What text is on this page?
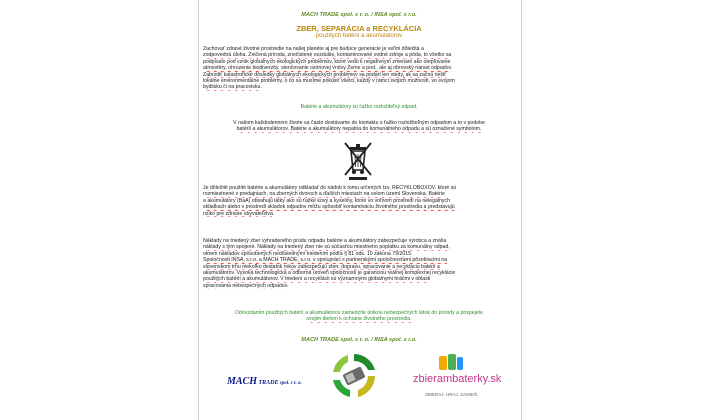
MACH TRADE spol. s r. o. / INSA spol. s r.o.
ZBER, SEPARÁCIA a RECYKLÁCIA
použitých batérií a akumulátorov
Zachovať zdravé životné prostredie na našej planéte aj pre budúce generácie je veľmi dôležitá a
zodpovedná úloha. Zničená príroda, znečistené ovzdušie, kontaminované vodné zdroje a pôda, to všetko sa
podpísalo pod vznik globálnych ekologických problémov, ktoré vedú k negatívnym zmenám ako otepľovanie
atmosféry, ohrozenie biodiverzity, stenčovanie ozónovej vrstvy Zeme a pod., ale aj obrovský nárast odpadov.
Zabrzdiť katastrofické dôsledky globálnych ekologických problémov sa podarí len vtedy, ak sa začnú riešiť
lokálne environmentálne problémy, o čo sa musíme pokúsiť všetci, každý v rámci svojich možností, vo svojom
bydlisku či na pracovisku.
Batérie a akumulátory sú ťažko rozložiteľný odpad.
V našom každodennom živote sa často dostávame do kontaktu s ťažko rozložiteľným odpadom a to v podobe
batérií a akumulátorov. Batérie a akumulátory nepatria do komunálneho odpadu a sú označené symbolom.
Je dôležité použité batérie a akumulátory odkladať do nádob k tomu určených tzv. RECYKLOBOXOV, ktoré sú
rozmiestnené v predajniach, na zberných dvoroch a ďalších miestach na celom území Slovenska. Batérie
a akumulátory (BaA) obsahujú látky ako sú ťažké kovy a kyseliny, ktoré vo voľnom prostredí na nelegálnych
skládkach alebo v prostredí skladok odpadov môžu spôsobiť kontamináciu životného prostredia a predstavujú
riziko pre zdravie obyvateľstva.
Náklady na triedený zber vyhradeného prúdu odpadu batérie a akumulátory zabezpečuje výrobca a znáša
náklady s tým spojené. Náklady na triedený zber nie sú súčasťou miestneho poplatku za komunálny odpad,
okrem nákladov spôsobených nedôslednými triedením podľa § 81 ods. 10 zákona 79/2015.
Spoločnosti INSA, s.r.o. a MACH TRADE, s.r.o. v spolupráci s partnerskými spoločnosťami pôsobiacimi na
slovenskom trhu niekoľko desiatok rokov zabezpečujú zber, dopravu, spracovanie a recykláciu batérií a
akumulátorov. Vysoká technologická a odborná úroveň spoločností je garanciou reálnej komplexnej recyklácie
použitých batérií a akumulátorov. V triedení a recyklácii sú významnými globálnymi hráčmi v oblasti
spracovania nebezpečných odpadov.
Odovzdaním použitých batérií a akumulátorov zamedzíte únikou nebezpečných látok do prírody a prispejete
svojim dielom k ochrane životného prostredia.
MACH TRADE spol. s r. o. / INSA spol. s r.o.
MACH TRADE spol. s r. o.	zbierambaterky.sk
ZBIERAJ. HRAJ. ZAMIEŇ.
